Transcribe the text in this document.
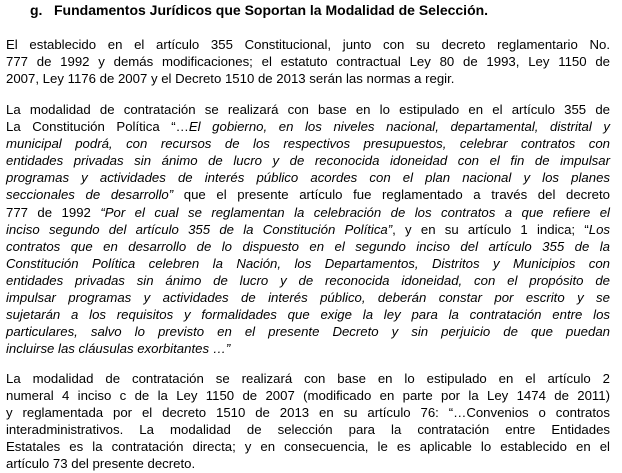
g. Fundamentos Jurídicos que Soportan la Modalidad de Selección.
El establecido en el artículo 355 Constitucional, junto con su decreto reglamentario No.
777 de 1992 y demás modificaciones; el estatuto contractual Ley 80 de 1993, Ley 1150 de
2007, Ley 1176 de 2007 y el Decreto 1510 de 2013 serán las normas a regir.
La modalidad de contratación se realizará con base en lo estipulado en el artículo 355 de
La Constitución Política “…El gobierno, en los niveles nacional, departamental, distrital y
municipal podrá, con recursos de los respectivos presupuestos, celebrar contratos con
entidades privadas sin ánimo de lucro y de reconocida idoneidad con el fin de impulsar
programas y actividades de interés público acordes con el plan nacional y los planes
seccionales de desarrollo” que el presente artículo fue reglamentado a través del decreto
777 de 1992 “Por el cual se reglamentan la celebración de los contratos a que refiere el
inciso segundo del artículo 355 de la Constitución Política”, y en su artículo 1 indica; “Los
contratos que en desarrollo de lo dispuesto en el segundo inciso del artículo 355 de la
Constitución Política celebren la Nación, los Departamentos, Distritos y Municipios con
entidades privadas sin ánimo de lucro y de reconocida idoneidad, con el propósito de
impulsar programas y actividades de interés público, deberán constar por escrito y se
sujetarán a los requisitos y formalidades que exige la ley para la contratación entre los
particulares, salvo lo previsto en el presente Decreto y sin perjuicio de que puedan
incluirse las cláusulas exorbitantes …”
La modalidad de contratación se realizará con base en lo estipulado en el artículo 2
numeral 4 inciso c de la Ley 1150 de 2007 (modificado en parte por la Ley 1474 de 2011)
y reglamentada por el decreto 1510 de 2013 en su artículo 76: “…Convenios o contratos
interadministrativos. La modalidad de selección para la contratación entre Entidades
Estatales es la contratación directa; y en consecuencia, le es aplicable lo establecido en el
artículo 73 del presente decreto.
